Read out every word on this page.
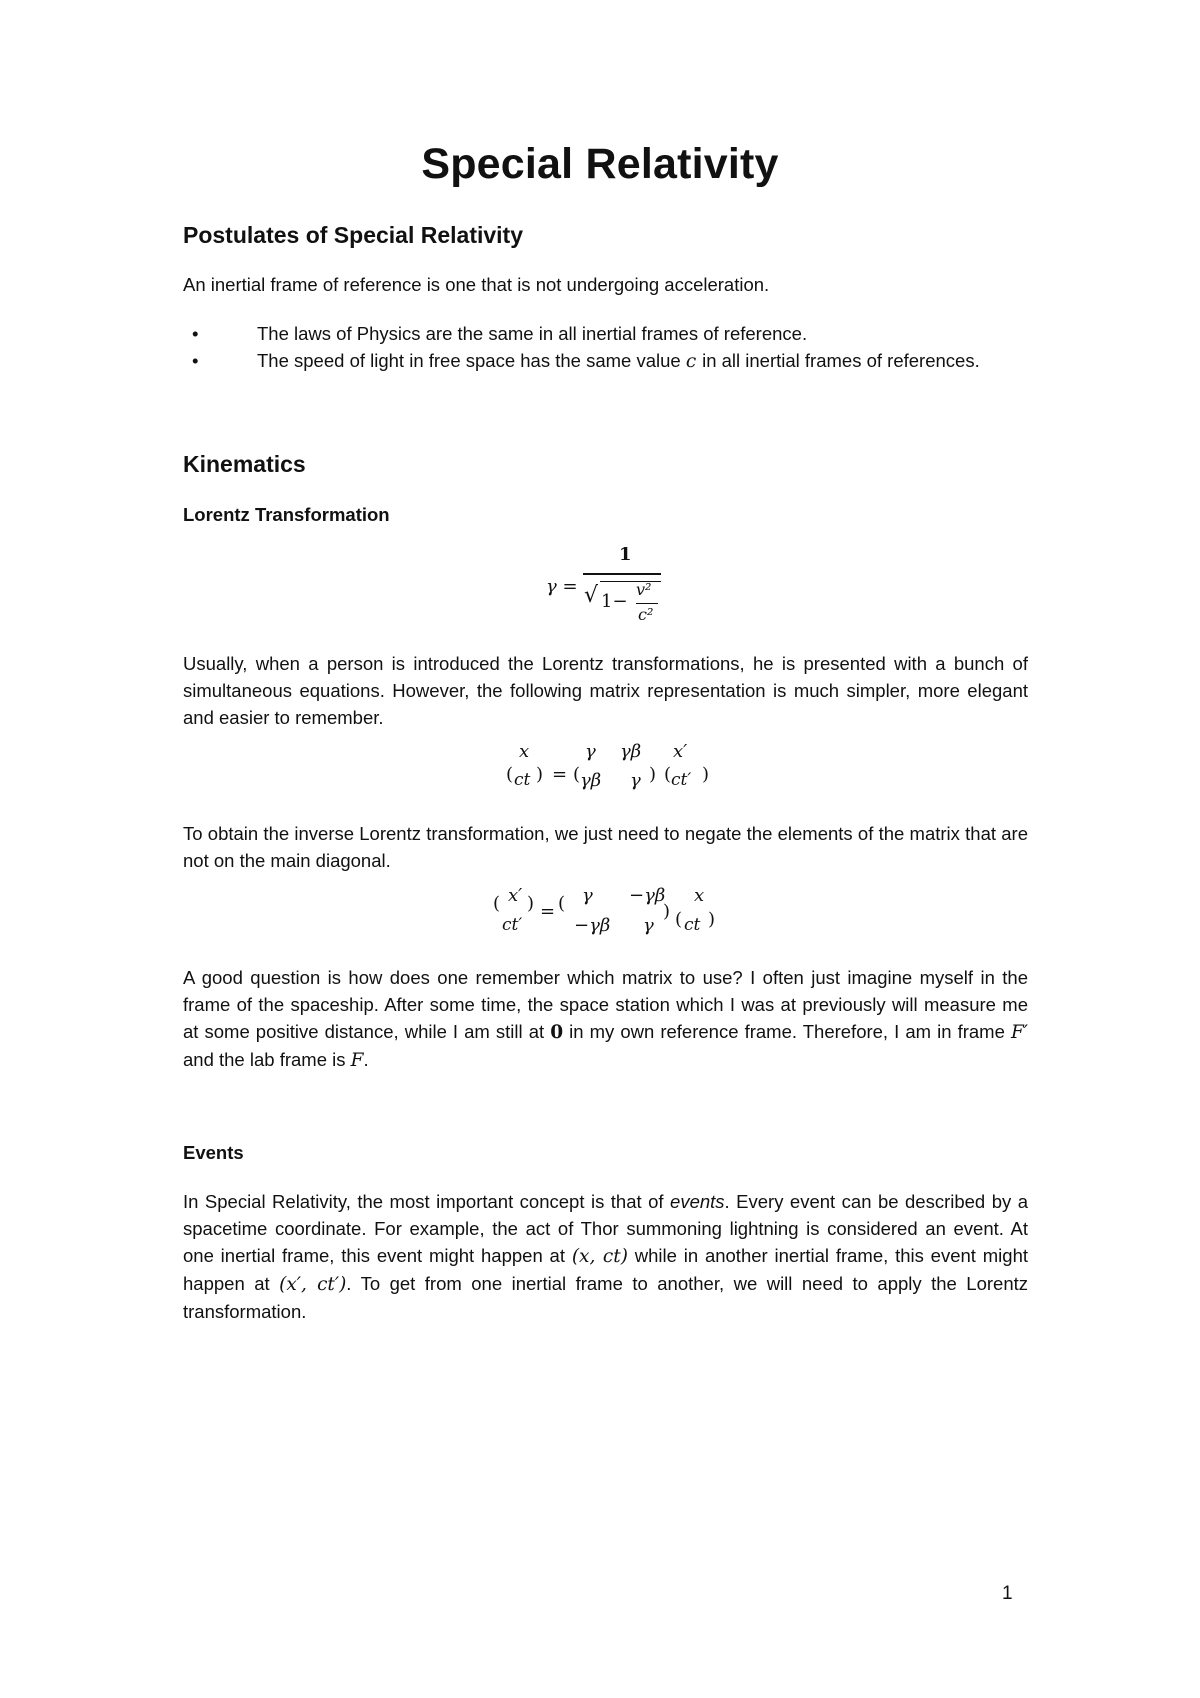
Special Relativity
Postulates of Special Relativity
An inertial frame of reference is one that is not undergoing acceleration.
•	The laws of Physics are the same in all inertial frames of reference.
•	The speed of light in free space has the same value c in all inertial frames of references.
Kinematics
Lorentz Transformation
γ =
1
√ 1−
v²
c²
Usually, when a person is introduced the Lorentz transformations, he is presented with a bunch of simultaneous equations. However, the following matrix representation is much simpler, more elegant and easier to remember.
x
( ct ) = (
γ γβ
γβ γ ) (
x′
ct′ )
To obtain the inverse Lorentz transformation, we just need to negate the elements of the matrix that are not on the main diagonal.
( x′
ct′
) = ( γ −γβ
−γβ γ
) (
x
ct )
A good question is how does one remember which matrix to use? I often just imagine myself in the frame of the spaceship. After some time, the space station which I was at previously will measure me at some positive distance, while I am still at 0 in my own reference frame. Therefore, I am in frame F′ and the lab frame is F.
Events
In Special Relativity, the most important concept is that of events. Every event can be described by a spacetime coordinate. For example, the act of Thor summoning lightning is considered an event. At one inertial frame, this event might happen at (x, ct) while in another inertial frame, this event might happen at (x′, ct′). To get from one inertial frame to another, we will need to apply the Lorentz transformation.
1
